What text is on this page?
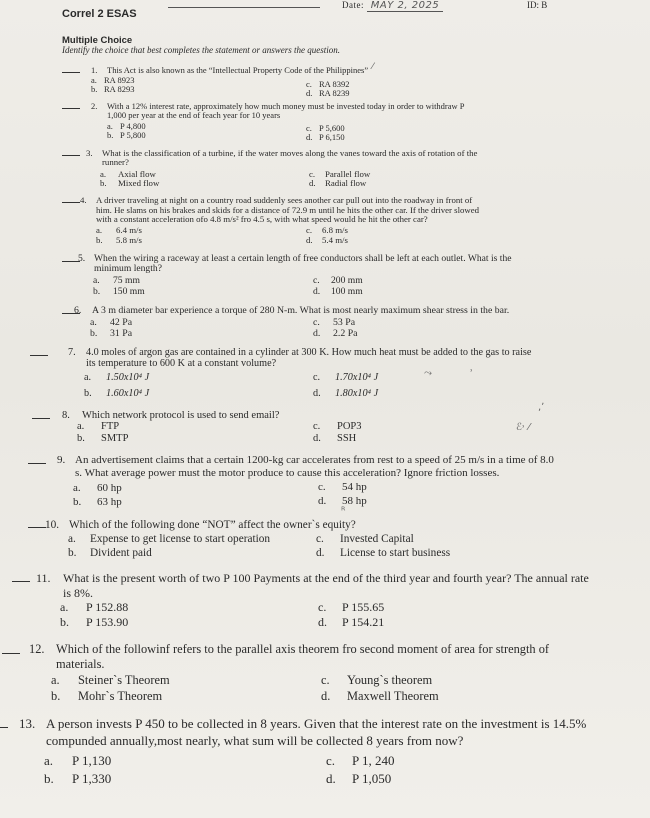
Date: MAY 2, 2025	ID: B
Correl 2 ESAS
Multiple Choice
Identify the choice that best completes the statement or answers the question.
1. This Act is also known as the “Intellectual Property Code of the Philippines”
a. RA 8923
b. RA 8293	c. RA 8392
d. RA 8239
2. With a 12% interest rate, approximately how much money must be invested today in order to withdraw P
1,000 per year at the end of feach year for 10 years
a. P 4,800
b. P 5,800
c. P 5,600
d. P 6,150
3. What is the classification of a turbine, if the water moves along the vanes toward the axis of rotation of the
runner?
a. Axial flow
b. Mixed flow
c. Parallel flow
d. Radial flow
4. A driver traveling at night on a country road suddenly sees another car pull out into the roadway in front of
him. He slams on his brakes and skids for a distance of 72.9 m until he hits the other car. If the driver slowed
with a constant acceleration ofo 4.8 m/s² fro 4.5 s, with what speed would he hit the other car?
a. 6.4 m/s
b. 5.8 m/s
c. 6.8 m/s
d. 5.4 m/s
5. When the wiring a raceway at least a certain length of free conductors shall be left at each outlet. What is the
minimum length?
a. 75 mm
b. 150 mm
c. 200 mm
d. 100 mm
6. A 3 m diameter bar experience a torque of 280 N-m. What is most nearly maximum shear stress in the bar.
a. 42 Pa
b. 31 Pa
c. 53 Pa
d. 2.2 Pa
7. 4.0 moles of argon gas are contained in a cylinder at 300 K. How much heat must be added to the gas to raise
its temperature to 600 K at a constant volume?
a. 1.50x10⁴ J
b. 1.60x10⁴ J
c. 1.70x10⁴ J
d. 1.80x10⁴ J
8. Which network protocol is used to send email?
a. FTP
b. SMTP
c. POP3
d. SSH
9. An advertisement claims that a certain 1200-kg car accelerates from rest to a speed of 25 m/s in a time of 8.0
s. What average power must the motor produce to cause this acceleration? Ignore friction losses.
a. 60 hp
b. 63 hp
c. 54 hp
d. 58 hp
10. Which of the following done “NOT” affect the owner`s equity?
a. Expense to get license to start operation
b. Divident paid
c. Invested Capital
d. License to start business
11. What is the present worth of two P 100 Payments at the end of the third year and fourth year? The annual rate
is 8%.
a. P 152.88
b. P 153.90
c. P 155.65
d. P 154.21
12. Which of the followinf refers to the parallel axis theorem fro second moment of area for strength of
materials.
a. Steiner`s Theorem
b. Mohr`s Theorem
c. Young`s theorem
d. Maxwell Theorem
13. A person invests P 450 to be collected in 8 years. Given that the interest rate on the investment is 14.5%
compunded annually,most nearly, what sum will be collected 8 years from now?
a. P 1,130
b. P 1,330
c. P 1, 240
d. P 1,050
⁄
⤳	˒
,՚
ℰ˒ ⁄
ᴿ
